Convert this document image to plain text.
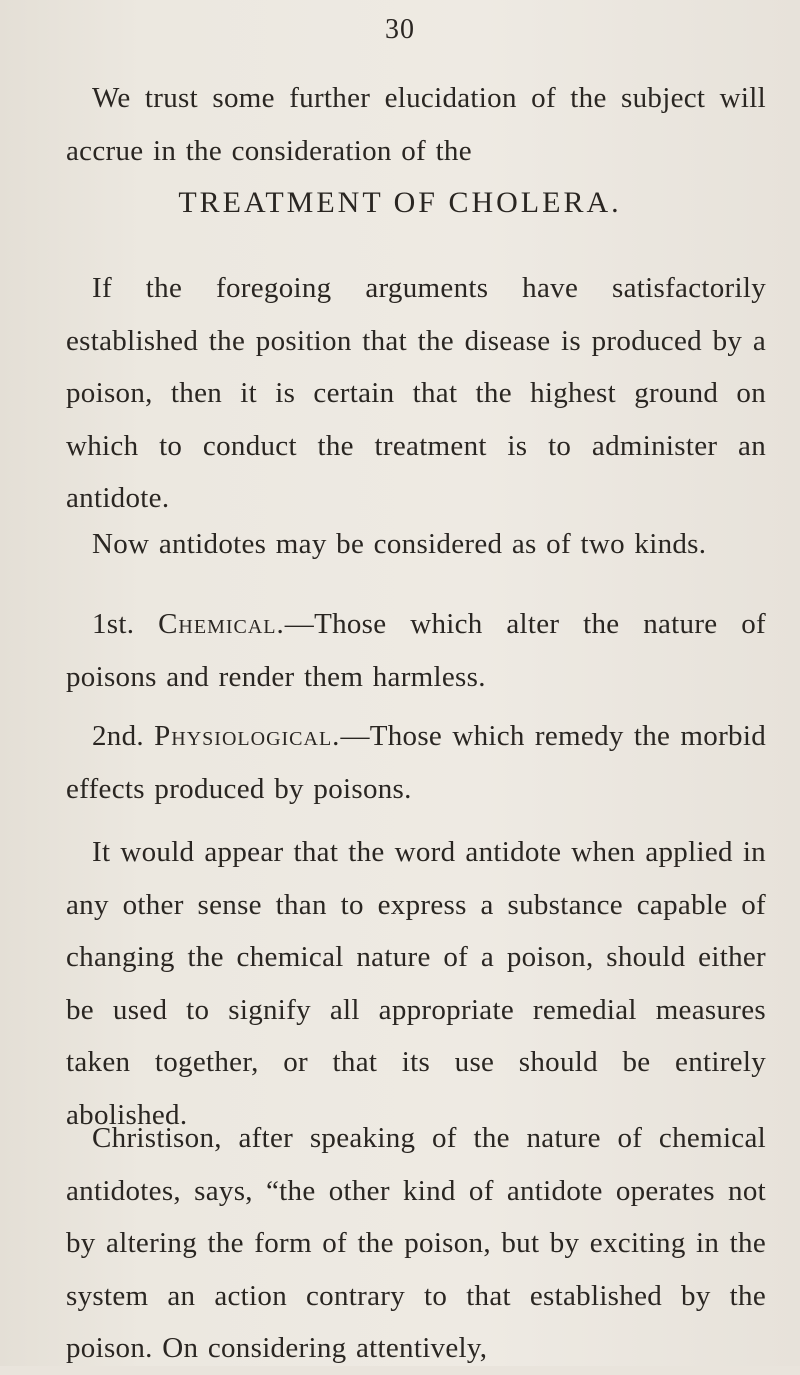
30

We trust some further elucidation of the subject will accrue in the consideration of the

TREATMENT OF CHOLERA.

If the foregoing arguments have satisfactorily established the position that the disease is produced by a poison, then it is certain that the highest ground on which to conduct the treatment is to administer an antidote.

Now antidotes may be considered as of two kinds.

1st. Chemical.—Those which alter the nature of poisons and render them harmless.

2nd. Physiological.—Those which remedy the morbid effects produced by poisons.

It would appear that the word antidote when applied in any other sense than to express a substance capable of changing the chemical nature of a poison, should either be used to signify all appropriate remedial measures taken together, or that its use should be entirely abolished.

Christison, after speaking of the nature of chemical antidotes, says, “the other kind of antidote operates not by altering the form of the poison, but by exciting in the system an action contrary to that established by the poison. On considering attentively,
